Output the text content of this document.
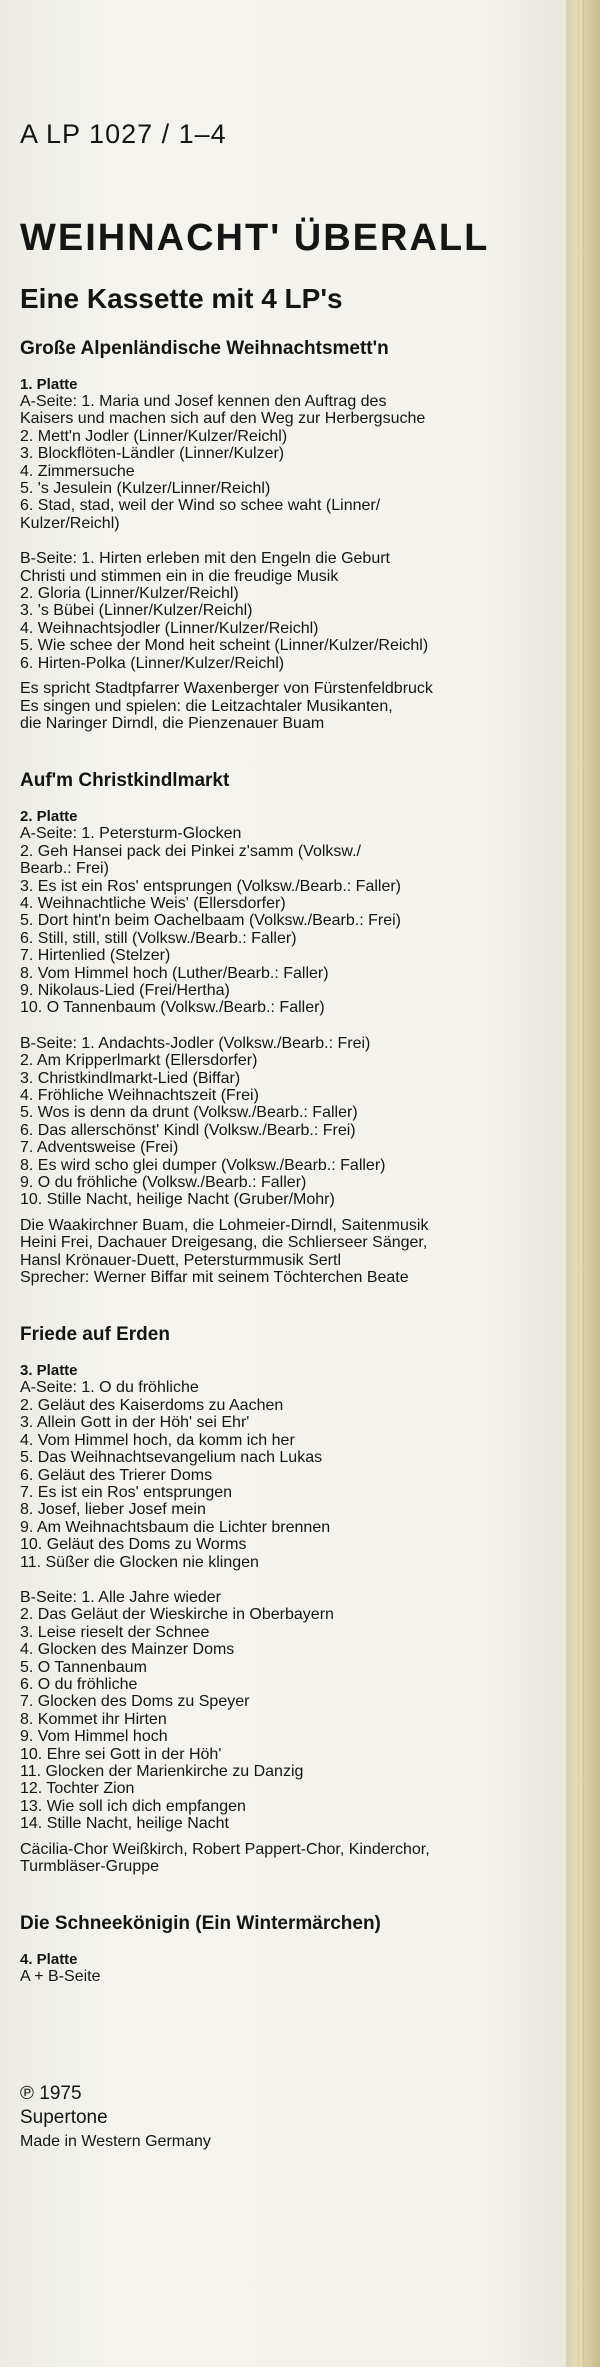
A LP 1027 / 1–4
WEIHNACHT' ÜBERALL
Eine Kassette mit 4 LP's
Große Alpenländische Weihnachtsmett'n
1. Platte
A-Seite: 1. Maria und Josef kennen den Auftrag des
Kaisers und machen sich auf den Weg zur Herbergsuche
2. Mett'n Jodler (Linner/Kulzer/Reichl)
3. Blockflöten-Ländler (Linner/Kulzer)
4. Zimmersuche
5. 's Jesulein (Kulzer/Linner/Reichl)
6. Stad, stad, weil der Wind so schee waht (Linner/
Kulzer/Reichl)
B-Seite: 1. Hirten erleben mit den Engeln die Geburt
Christi und stimmen ein in die freudige Musik
2. Gloria (Linner/Kulzer/Reichl)
3. 's Bübei (Linner/Kulzer/Reichl)
4. Weihnachtsjodler (Linner/Kulzer/Reichl)
5. Wie schee der Mond heit scheint (Linner/Kulzer/Reichl)
6. Hirten-Polka (Linner/Kulzer/Reichl)
Es spricht Stadtpfarrer Waxenberger von Fürstenfeldbruck
Es singen und spielen: die Leitzachtaler Musikanten,
die Naringer Dirndl, die Pienzenauer Buam
Auf'm Christkindlmarkt
2. Platte
A-Seite: 1. Petersturm-Glocken
2. Geh Hansei pack dei Pinkei z'samm (Volksw./
Bearb.: Frei)
3. Es ist ein Ros' entsprungen (Volksw./Bearb.: Faller)
4. Weihnachtliche Weis' (Ellersdorfer)
5. Dort hint'n beim Oachelbaam (Volksw./Bearb.: Frei)
6. Still, still, still (Volksw./Bearb.: Faller)
7. Hirtenlied (Stelzer)
8. Vom Himmel hoch (Luther/Bearb.: Faller)
9. Nikolaus-Lied (Frei/Hertha)
10. O Tannenbaum (Volksw./Bearb.: Faller)
B-Seite: 1. Andachts-Jodler (Volksw./Bearb.: Frei)
2. Am Kripperlmarkt (Ellersdorfer)
3. Christkindlmarkt-Lied (Biffar)
4. Fröhliche Weihnachtszeit (Frei)
5. Wos is denn da drunt (Volksw./Bearb.: Faller)
6. Das allerschönst' Kindl (Volksw./Bearb.: Frei)
7. Adventsweise (Frei)
8. Es wird scho glei dumper (Volksw./Bearb.: Faller)
9. O du fröhliche (Volksw./Bearb.: Faller)
10. Stille Nacht, heilige Nacht (Gruber/Mohr)
Die Waakirchner Buam, die Lohmeier-Dirndl, Saitenmusik
Heini Frei, Dachauer Dreigesang, die Schlierseer Sänger,
Hansl Krönauer-Duett, Petersturmmusik Sertl
Sprecher: Werner Biffar mit seinem Töchterchen Beate
Friede auf Erden
3. Platte
A-Seite: 1. O du fröhliche
2. Geläut des Kaiserdoms zu Aachen
3. Allein Gott in der Höh' sei Ehr'
4. Vom Himmel hoch, da komm ich her
5. Das Weihnachtsevangelium nach Lukas
6. Geläut des Trierer Doms
7. Es ist ein Ros' entsprungen
8. Josef, lieber Josef mein
9. Am Weihnachtsbaum die Lichter brennen
10. Geläut des Doms zu Worms
11. Süßer die Glocken nie klingen
B-Seite: 1. Alle Jahre wieder
2. Das Geläut der Wieskirche in Oberbayern
3. Leise rieselt der Schnee
4. Glocken des Mainzer Doms
5. O Tannenbaum
6. O du fröhliche
7. Glocken des Doms zu Speyer
8. Kommet ihr Hirten
9. Vom Himmel hoch
10. Ehre sei Gott in der Höh'
11. Glocken der Marienkirche zu Danzig
12. Tochter Zion
13. Wie soll ich dich empfangen
14. Stille Nacht, heilige Nacht
Cäcilia-Chor Weißkirch, Robert Pappert-Chor, Kinderchor,
Turmbläser-Gruppe
Die Schneekönigin (Ein Wintermärchen)
4. Platte
A + B-Seite
℗ 1975
Supertone
Made in Western Germany
